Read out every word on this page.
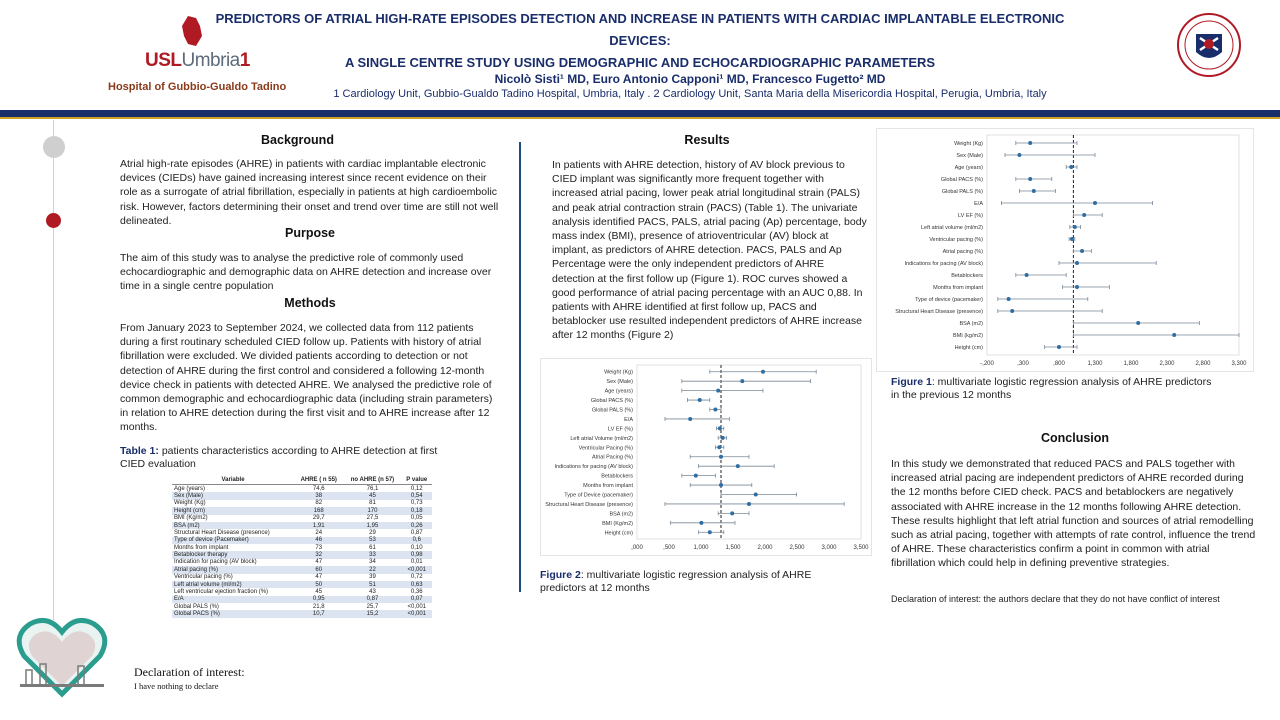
USLUmbria1
Hospital of Gubbio-Gualdo Tadino
PREDICTORS OF ATRIAL HIGH-RATE EPISODES DETECTION AND INCREASE IN PATIENTS WITH CARDIAC IMPLANTABLE ELECTRONIC DEVICES:
A SINGLE CENTRE STUDY USING DEMOGRAPHIC AND ECHOCARDIOGRAPHIC PARAMETERS
Nicolò Sisti¹ MD, Euro Antonio Capponi¹ MD, Francesco Fugetto² MD
1 Cardiology Unit, Gubbio-Gualdo Tadino Hospital, Umbria, Italy . 2 Cardiology Unit, Santa Maria della Misericordia Hospital, Perugia, Umbria, Italy
Background

Atrial high-rate episodes (AHRE) in patients with cardiac implantable electronic devices (CIEDs) have gained increasing interest since recent evidence on their role as a surrogate of atrial fibrillation, especially in patients at high cardioembolic risk. However, factors determining their onset and trend over time are still not well delineated.

Purpose

The aim of this study was to analyse the predictive role of commonly used echocardiographic and demographic data on AHRE detection and increase over time in a single centre population

Methods

From January 2023 to September 2024, we collected data from 112 patients during a first routinary scheduled CIED follow up. Patients with history of atrial fibrillation were excluded. We divided patients according to detection or not detection of AHRE during the first control and considered a following 12-month device check in patients with detected AHRE. We analysed the predictive role of common demographic and echocardiographic data (including strain parameters) in relation to AHRE detection during the first visit and to AHRE increase after 12 months.

Table 1: patients characteristics according to AHRE detection at first CIED evaluation
Variable	AHRE ( n 55)	no AHRE (n 57)	P value
Age (years)	74,6	76,1	0,12
Sex (Male)	38	45	0,54
Weight (Kg)	82	81	0,73
Height (cm)	168	170	0,18
BMI (Kg/m2)	29,7	27,5	0,05
BSA (m2)	1,91	1,95	0,26
Structural Heart Disease (presence)	24	29	0,87
Type of device (Pacemaker)	46	53	0,6
Months from implant	73	61	0,10
Betablocker therapy	32	33	0,98
Indication for pacing (AV block)	47	34	0,01
Atrial pacing (%)	60	22	<0,001
Ventricular pacing (%)	47	39	0,72
Left atrial volume (ml/m2)	50	51	0,63
Left ventricular ejection fraction (%)	45	43	0,36
E/A	0,95	0,87	0,07
Global PALS (%)	21,8	25,7	<0,001
Global PACS (%)	10,7	15,2	<0,001
Declaration of interest:
I have nothing to declare
Results

In patients with AHRE detection, history of AV block previous to CIED implant was significantly more frequent together with increased atrial pacing, lower peak atrial longitudinal strain (PALS) and peak atrial contraction strain (PACS) (Table 1). The univariate analysis identified PACS, PALS, atrial pacing (Ap) percentage, body mass index (BMI), presence of atrioventricular (AV) block at implant, as predictors of AHRE detection. PACS, PALS and Ap Percentage were the only independent predictors of AHRE detection at the first follow up (Figure 1). ROC curves showed a good performance of atrial pacing percentage with an AUC 0,88. In patients with AHRE identified at first follow up, PACS and betablocker use resulted independent predictors of AHRE increase after 12 months (Figure 2)

Weight (Kg)
Sex (Male)
Age (years)
Global PACS (%)
Global PALS (%)
E/A
LV EF (%)
Left atrial Volume (ml/m2)
Ventricular Pacing (%)
Atrial Pacing (%)
Indications for pacing (AV block)
Betablockers
Months from implant
Type of Device (pacemaker)
Structural Heart Disease (presence)
BSA (m2)
BMI (Kg/m2)
Height (cm)
,000	,500	1,000	1,500	2,000	2,500	3,000	3,500
Figure 2: multivariate logistic regression analysis of AHRE predictors at 12 months
Weight (Kg)
Sex (Male)
Age (years)
Global PACS (%)
Global PALS (%)
E/A
LV EF (%)
Left atrial volume (ml/m2)
Ventricular pacing (%)
Atrial pacing (%)
Indications for pacing (AV block)
Betablockers
Months from implant
Type of device (pacemaker)
Structural Heart Disease (presence)
BSA (m2)
BMI (kg/m2)
Height (cm)
-,200	,300	,800	1,300	1,800	2,300	2,800	3,300
Figure 1: multivariate logistic regression analysis of AHRE predictors in the previous 12 months
Conclusion

In this study we demonstrated that reduced PACS and PALS together with increased atrial pacing are independent predictors of AHRE recorded during the 12 months before CIED check. PACS and betablockers are negatively associated with AHRE increase in the 12 months following AHRE detection. These results highlight that left atrial function and sources of atrial remodelling such as atrial pacing, together with attempts of rate control, influence the trend of AHRE. These characteristics confirm a point in common with atrial fibrillation which could help in defining preventive strategies.

Declaration of interest: the authors declare that they do not have conflict of interest
